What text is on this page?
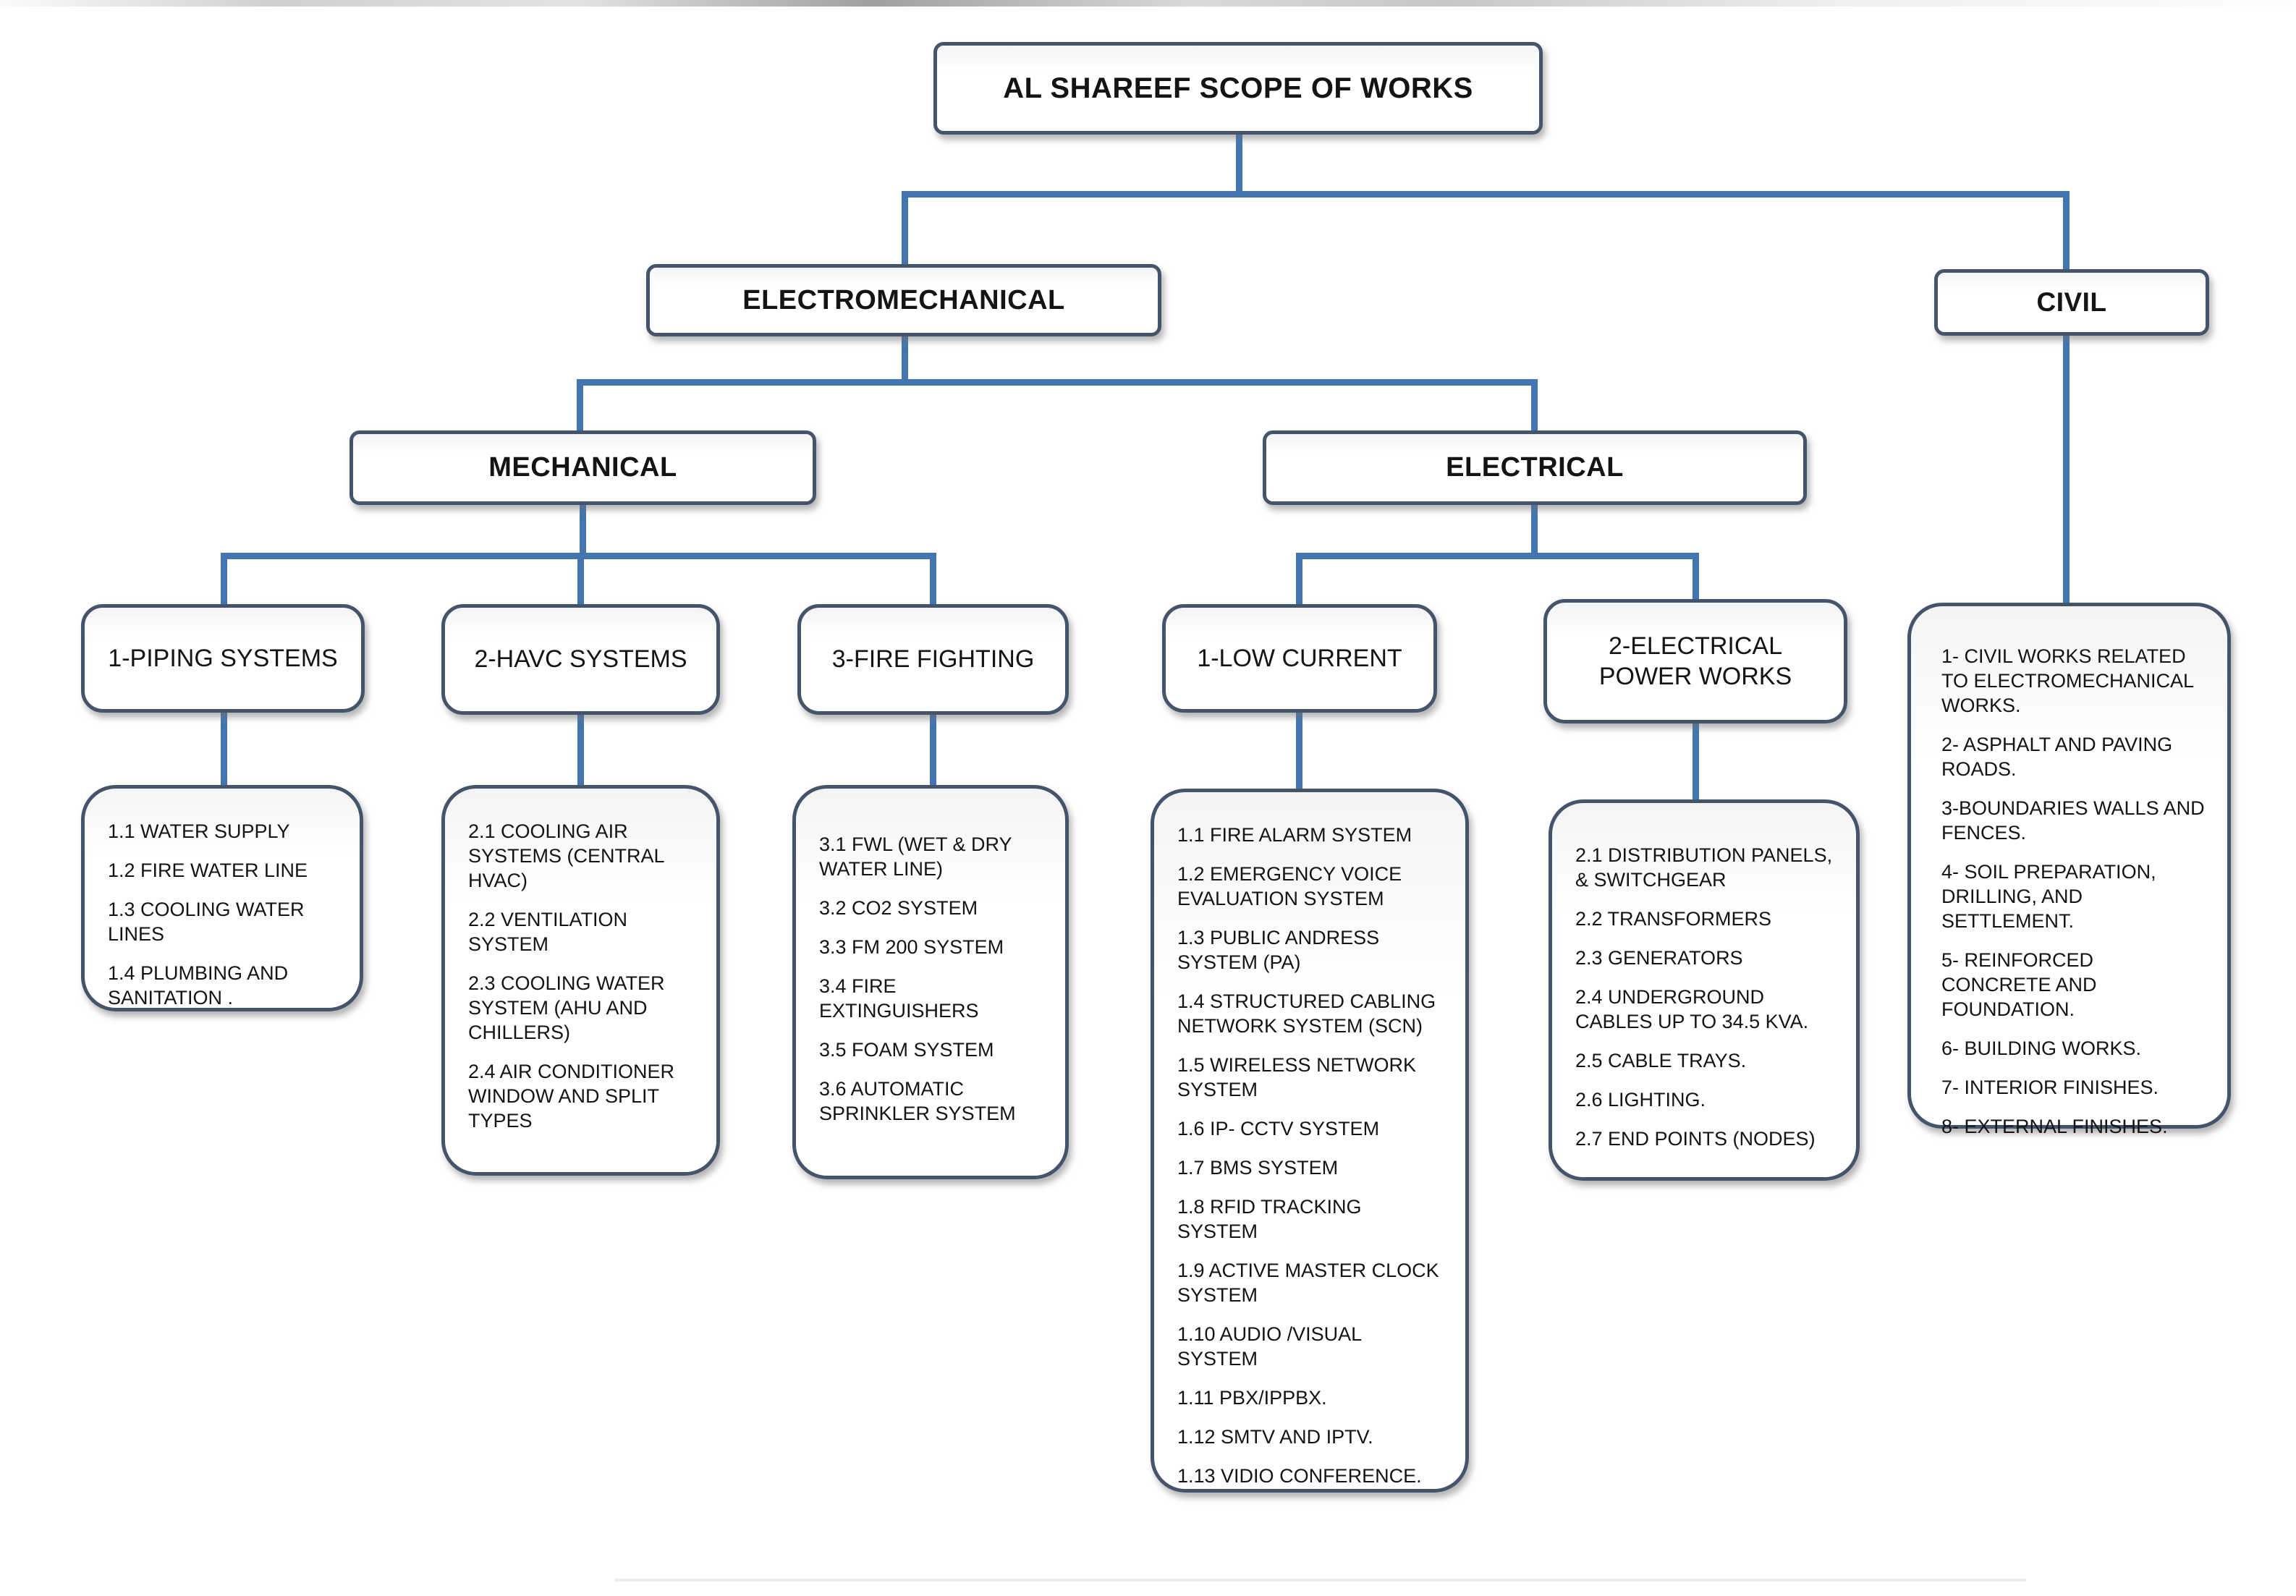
AL SHAREEF SCOPE OF WORKS
ELECTROMECHANICAL	CIVIL
MECHANICAL	ELECTRICAL
1-PIPING SYSTEMS	2-HAVC SYSTEMS	3-FIRE FIGHTING	1-LOW CURRENT	2-ELECTRICAL POWER WORKS

1.1 WATER SUPPLY

1.2 FIRE WATER LINE

1.3 COOLING WATER LINES

1.4 PLUMBING AND SANITATION .

2.1 COOLING AIR SYSTEMS (CENTRAL HVAC)

2.2 VENTILATION SYSTEM

2.3 COOLING WATER SYSTEM (AHU AND CHILLERS)

2.4 AIR CONDITIONER WINDOW AND SPLIT TYPES

3.1 FWL (WET & DRY WATER LINE)

3.2 CO2 SYSTEM

3.3 FM 200 SYSTEM

3.4 FIRE EXTINGUISHERS

3.5 FOAM SYSTEM

3.6 AUTOMATIC SPRINKLER SYSTEM

1.1 FIRE ALARM SYSTEM

1.2 EMERGENCY VOICE EVALUATION SYSTEM

1.3 PUBLIC ANDRESS SYSTEM (PA)

1.4 STRUCTURED CABLING NETWORK SYSTEM (SCN)

1.5 WIRELESS NETWORK SYSTEM

1.6 IP- CCTV SYSTEM

1.7 BMS SYSTEM

1.8 RFID TRACKING SYSTEM

1.9 ACTIVE MASTER CLOCK SYSTEM

1.10 AUDIO /VISUAL SYSTEM

1.11 PBX/IPPBX.

1.12 SMTV AND IPTV.

1.13 VIDIO CONFERENCE.

2.1 DISTRIBUTION PANELS, & SWITCHGEAR

2.2 TRANSFORMERS

2.3 GENERATORS

2.4 UNDERGROUND CABLES UP TO 34.5 KVA.

2.5 CABLE TRAYS.

2.6 LIGHTING.

2.7 END POINTS (NODES)

1- CIVIL WORKS RELATED TO ELECTROMECHANICAL WORKS.

2- ASPHALT AND PAVING ROADS.

3-BOUNDARIES WALLS AND FENCES.

4- SOIL PREPARATION, DRILLING, AND SETTLEMENT.

5- REINFORCED CONCRETE AND FOUNDATION.

6- BUILDING WORKS.

7- INTERIOR FINISHES.

8- EXTERNAL FINISHES.
